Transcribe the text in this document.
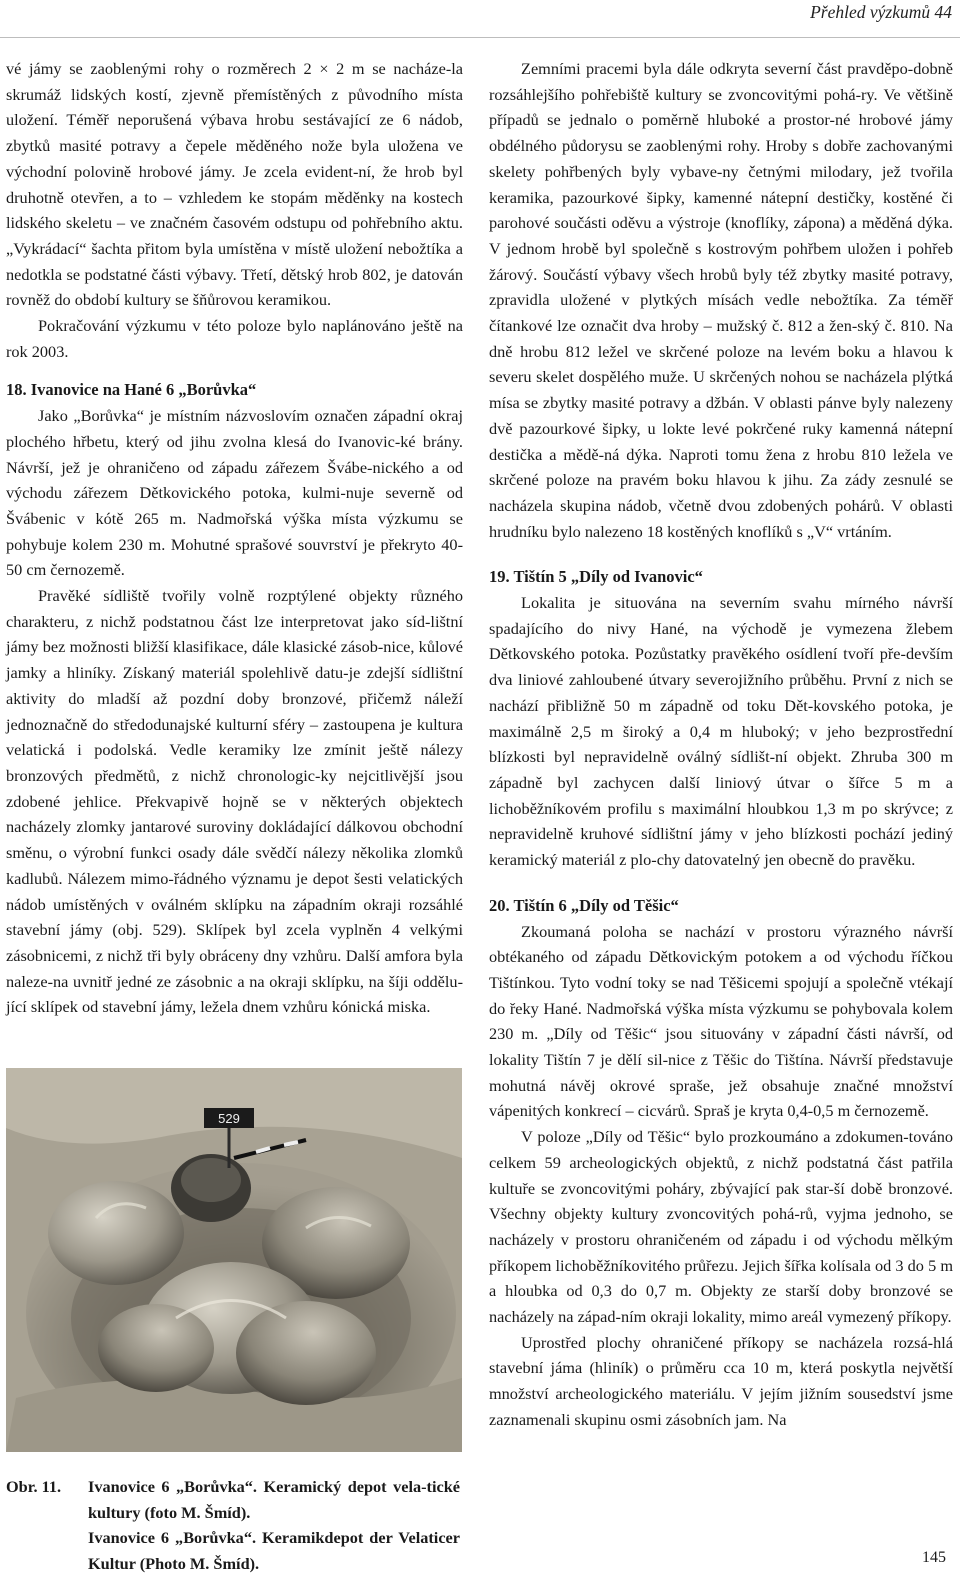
Přehled výzkumů 44

vé jámy se zaoblenými rohy o rozměrech 2 × 2 m se nacháze-la skrumáž lidských kostí, zjevně přemístěných z původního místa uložení. Téměř neporušená výbava hrobu sestávající ze 6 nádob, zbytků masité potravy a čepele měděného nože byla uložena ve východní polovině hrobové jámy. Je zcela evident-ní, že hrob byl druhotně otevřen, a to – vzhledem ke stopám měděnky na kostech lidského skeletu – ve značném časovém odstupu od pohřebního aktu. „Vykrádací“ šachta přitom byla umístěna v místě uložení nebožtíka a nedotkla se podstatné části výbavy. Třetí, dětský hrob 802, je datován rovněž do období kultury se šňůrovou keramikou.

Pokračování výzkumu v této poloze bylo naplánováno ještě na rok 2003.

18. Ivanovice na Hané 6 „Borůvka“

Jako „Borůvka“ je místním názvoslovím označen západní okraj plochého hřbetu, který od jihu zvolna klesá do Ivanovic-ké brány. Návrší, jež je ohraničeno od západu zářezem Švábe-nického a od východu zářezem Dětkovického potoka, kulmi-nuje severně od Švábenic v kótě 265 m. Nadmořská výška místa výzkumu se pohybuje kolem 230 m. Mohutné sprašové souvrství je překryto 40-50 cm černozemě.

Pravěké sídliště tvořily volně rozptýlené objekty různého charakteru, z nichž podstatnou část lze interpretovat jako síd-lištní jámy bez možnosti bližší klasifikace, dále klasické zásob-nice, kůlové jamky a hliníky. Získaný materiál spolehlivě datu-je zdejší sídlištní aktivity do mladší až pozdní doby bronzové, přičemž náleží jednoznačně do středodunajské kulturní sféry – zastoupena je kultura velatická i podolská. Vedle keramiky lze zmínit ještě nálezy bronzových předmětů, z nichž chronologic-ky nejcitlivější jsou zdobené jehlice. Překvapivě hojně se v některých objektech nacházely zlomky jantarové suroviny dokládající dálkovou obchodní směnu, o výrobní funkci osady dále svědčí nálezy několika zlomků kadlubů. Nálezem mimo-řádného významu je depot šesti velatických nádob umístěných v oválném sklípku na západním okraji rozsáhlé stavební jámy (obj. 529). Sklípek byl zcela vyplněn 4 velkými zásobnicemi, z nichž tři byly obráceny dny vzhůru. Další amfora byla naleze-na uvnitř jedné ze zásobnic a na okraji sklípku, na šíji oddělu-jící sklípek od stavební jámy, ležela dnem vzhůru kónická miska.

529
Obr. 11. Ivanovice 6 „Borůvka“. Keramický depot vela-tické kultury (foto M. Šmíd).

Ivanovice 6 „Borůvka“. Keramikdepot der Velaticer Kultur (Photo M. Šmíd).

Zemními pracemi byla dále odkryta severní část pravděpo-dobně rozsáhlejšího pohřebiště kultury se zvoncovitými pohá-ry. Ve většině případů se jednalo o poměrně hluboké a prostor-né hrobové jámy obdélného půdorysu se zaoblenými rohy. Hroby s dobře zachovanými skelety pohřbených byly vybave-ny četnými milodary, jež tvořila keramika, pazourkové šipky, kamenné nátepní destičky, kostěné či parohové součásti oděvu a výstroje (knoflíky, zápona) a měděná dýka. V jednom hrobě byl společně s kostrovým pohřbem uložen i pohřeb žárový. Součástí výbavy všech hrobů byly též zbytky masité potravy, zpravidla uložené v plytkých mísách vedle nebožtíka. Za téměř čítankové lze označit dva hroby – mužský č. 812 a žen-ský č. 810. Na dně hrobu 812 ležel ve skrčené poloze na levém boku a hlavou k severu skelet dospělého muže. U skrčených nohou se nacházela plýtká mísa se zbytky masité potravy a džbán. V oblasti pánve byly nalezeny dvě pazourkové šipky, u lokte levé pokrčené ruky kamenná nátepní destička a mědě-ná dýka. Naproti tomu žena z hrobu 810 ležela ve skrčené poloze na pravém boku hlavou k jihu. Za zády zesnulé se nacházela skupina nádob, včetně dvou zdobených pohárů. V oblasti hrudníku bylo nalezeno 18 kostěných knoflíků s „V“ vrtáním.

19. Tištín 5 „Díly od Ivanovic“

Lokalita je situována na severním svahu mírného návrší spadajícího do nivy Hané, na východě je vymezena žlebem Dětkovského potoka. Pozůstatky pravěkého osídlení tvoří pře-devším dva liniové zahloubené útvary severojižního průběhu. První z nich se nachází přibližně 50 m západně od toku Dět-kovského potoka, je maximálně 2,5 m široký a 0,4 m hluboký; v jeho bezprostřední blízkosti byl nepravidelně oválný sídlišt-ní objekt. Zhruba 300 m západně byl zachycen další liniový útvar o šířce 5 m a lichoběžníkovém profilu s maximální hloubkou 1,3 m po skrývce; z nepravidelně kruhové sídlištní jámy v jeho blízkosti pochází jediný keramický materiál z plo-chy datovatelný jen obecně do pravěku.

20. Tištín 6 „Díly od Těšic“

Zkoumaná poloha se nachází v prostoru výrazného návrší obtékaného od západu Dětkovickým potokem a od východu říčkou Tištínkou. Tyto vodní toky se nad Těšicemi spojují a společně vtékají do řeky Hané. Nadmořská výška místa výzkumu se pohybovala kolem 230 m. „Díly od Těšic“ jsou situovány v západní části návrší, od lokality Tištín 7 je dělí sil-nice z Těšic do Tištína. Návrší představuje mohutná návěj okrové spraše, jež obsahuje značné množství vápenitých konkrecí – cicvárů. Spraš je kryta 0,4-0,5 m černozemě.

V poloze „Díly od Těšic“ bylo prozkoumáno a zdokumen-továno celkem 59 archeologických objektů, z nichž podstatná část patřila kultuře se zvoncovitými poháry, zbývající pak star-ší době bronzové. Všechny objekty kultury zvoncovitých pohá-rů, vyjma jednoho, se nacházely v prostoru ohraničeném od západu i od východu mělkým příkopem lichoběžníkovitého průřezu. Jejich šířka kolísala od 3 do 5 m a hloubka od 0,3 do 0,7 m. Objekty ze starší doby bronzové se nacházely na západ-ním okraji lokality, mimo areál vymezený příkopy.

Uprostřed plochy ohraničené příkopy se nacházela rozsá-hlá stavební jáma (hliník) o průměru cca 10 m, která poskytla největší množství archeologického materiálu. V jejím jižním sousedství jsme zaznamenali skupinu osmi zásobních jam. Na

145
